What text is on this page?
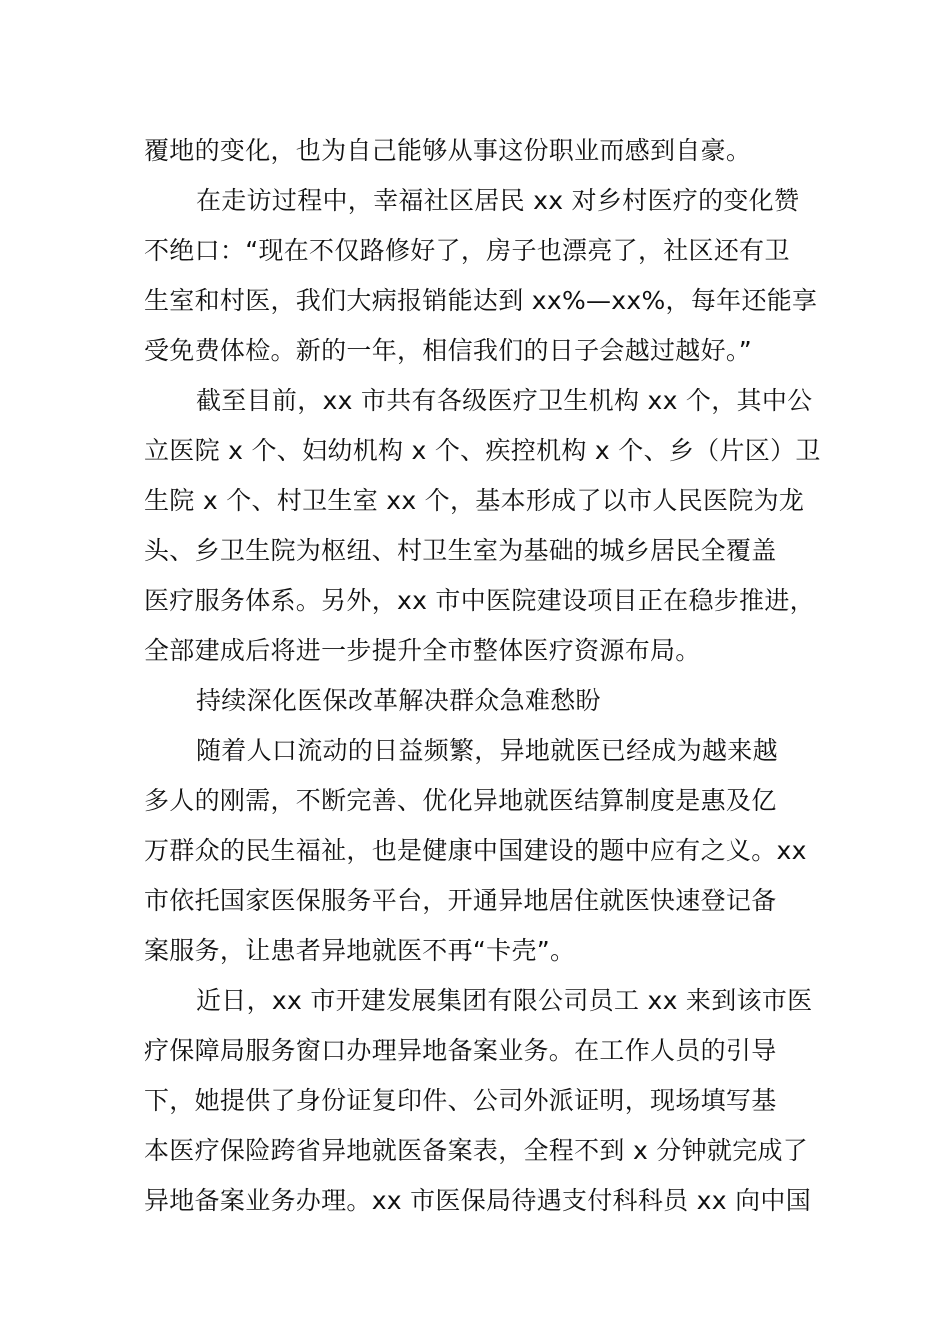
覆地的变化，也为自己能够从事这份职业而感到自豪。
在走访过程中，幸福社区居民 xx 对乡村医疗的变化赞
不绝口：“现在不仅路修好了，房子也漂亮了，社区还有卫
生室和村医，我们大病报销能达到 xx%—xx%，每年还能享
受免费体检。新的一年，相信我们的日子会越过越好。”
截至目前，xx 市共有各级医疗卫生机构 xx 个，其中公
立医院 x 个、妇幼机构 x 个、疾控机构 x 个、乡（片区）卫
生院 x 个、村卫生室 xx 个，基本形成了以市人民医院为龙
头、乡卫生院为枢纽、村卫生室为基础的城乡居民全覆盖
医疗服务体系。另外，xx 市中医院建设项目正在稳步推进，
全部建成后将进一步提升全市整体医疗资源布局。
持续深化医保改革解决群众急难愁盼
随着人口流动的日益频繁，异地就医已经成为越来越
多人的刚需，不断完善、优化异地就医结算制度是惠及亿
万群众的民生福祉，也是健康中国建设的题中应有之义。xx
市依托国家医保服务平台，开通异地居住就医快速登记备
案服务，让患者异地就医不再“卡壳”。
近日，xx 市开建发展集团有限公司员工 xx 来到该市医
疗保障局服务窗口办理异地备案业务。在工作人员的引导
下，她提供了身份证复印件、公司外派证明，现场填写基
本医疗保险跨省异地就医备案表，全程不到 x 分钟就完成了
异地备案业务办理。xx 市医保局待遇支付科科员 xx 向中国
